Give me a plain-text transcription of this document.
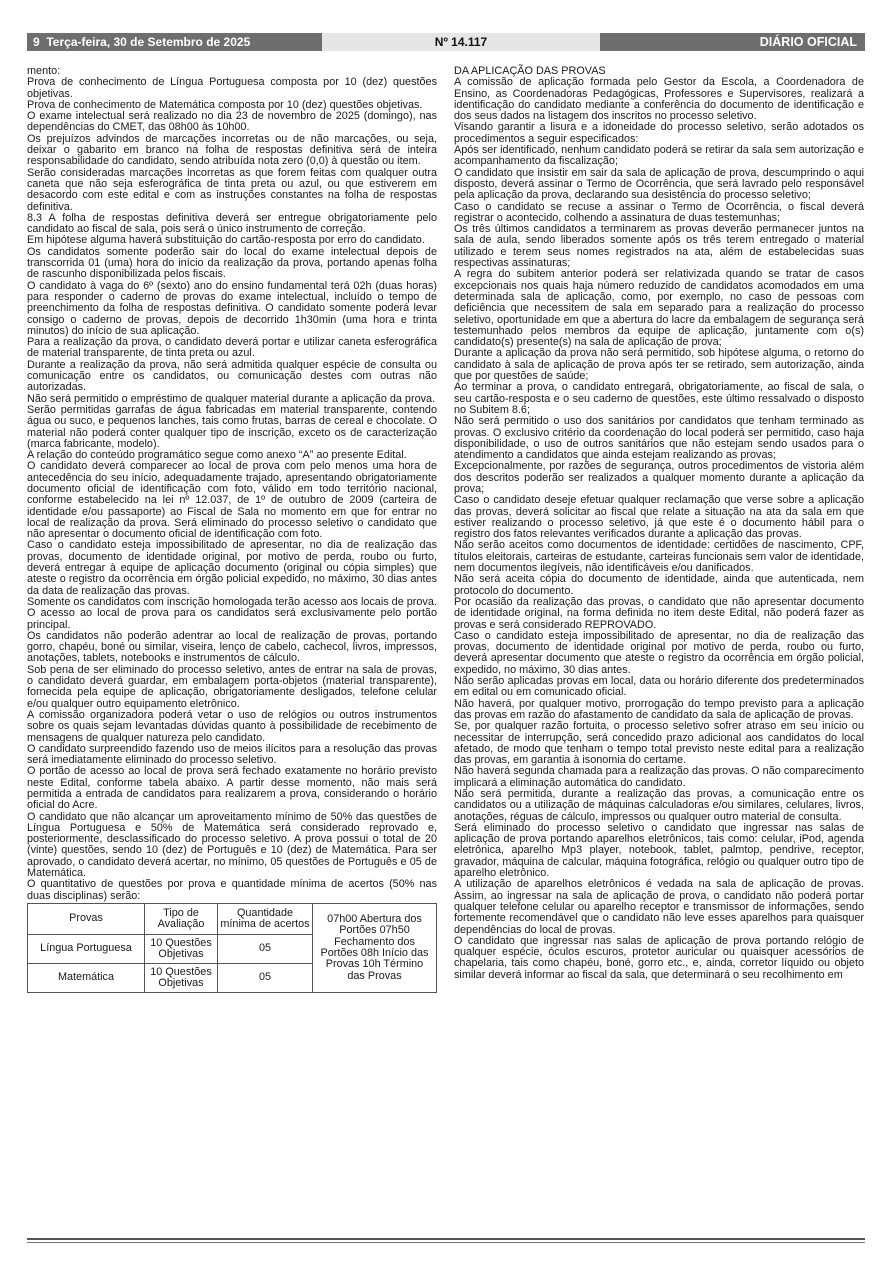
9 Terça-feira, 30 de Setembro de 2025	Nº 14.117	DIÁRIO OFICIAL

mento:

Prova de conhecimento de Língua Portuguesa composta por 10 (dez) questões objetivas.

Prova de conhecimento de Matemática composta por 10 (dez) questões objetivas.

O exame intelectual será realizado no dia 23 de novembro de 2025 (domingo), nas dependências do CMET, das 08h00 às 10h00.

Os prejuízos advindos de marcações incorretas ou de não marcações, ou seja, deixar o gabarito em branco na folha de respostas definitiva será de inteira responsabilidade do candidato, sendo atribuída nota zero (0,0) à questão ou item.

Serão consideradas marcações incorretas as que forem feitas com qualquer outra caneta que não seja esferográfica de tinta preta ou azul, ou que estiverem em desacordo com este edital e com as instruções constantes na folha de respostas definitiva.

8.3 A folha de respostas definitiva deverá ser entregue obrigatoriamente pelo candidato ao fiscal de sala, pois será o único instrumento de correção.

Em hipótese alguma haverá substituição do cartão-resposta por erro do candidato.

Os candidatos somente poderão sair do local do exame intelectual depois de transcorrida 01 (uma) hora do início da realização da prova, portando apenas folha de rascunho disponibilizada pelos fiscais.

O candidato à vaga do 6º (sexto) ano do ensino fundamental terá 02h (duas horas) para responder o caderno de provas do exame intelectual, incluído o tempo de preenchimento da folha de respostas definitiva. O candidato somente poderá levar consigo o caderno de provas, depois de decorrido 1h30min (uma hora e trinta minutos) do início de sua aplicação.

Para a realização da prova, o candidato deverá portar e utilizar caneta esferográfica de material transparente, de tinta preta ou azul.

Durante a realização da prova, não será admitida qualquer espécie de consulta ou comunicação entre os candidatos, ou comunicação destes com outras não autorizadas.

Não será permitido o empréstimo de qualquer material durante a aplicação da prova.

Serão permitidas garrafas de água fabricadas em material transparente, contendo água ou suco, e pequenos lanches, tais como frutas, barras de cereal e chocolate. O material não poderá conter qualquer tipo de inscrição, exceto os de caracterização (marca fabricante, modelo).

A relação do conteúdo programático segue como anexo “A” ao presente Edital.

O candidato deverá comparecer ao local de prova com pelo menos uma hora de antecedência do seu início, adequadamente trajado, apresentando obrigatoriamente documento oficial de identificação com foto, válido em todo território nacional, conforme estabelecido na lei nº 12.037, de 1º de outubro de 2009 (carteira de identidade e/ou passaporte) ao Fiscal de Sala no momento em que for entrar no local de realização da prova. Será eliminado do processo seletivo o candidato que não apresentar o documento oficial de identificação com foto.

Caso o candidato esteja impossibilitado de apresentar, no dia de realização das provas, documento de identidade original, por motivo de perda, roubo ou furto, deverá entregar à equipe de aplicação documento (original ou cópia simples) que ateste o registro da ocorrência em órgão policial expedido, no máximo, 30 dias antes da data de realização das provas.

Somente os candidatos com inscrição homologada terão acesso aos locais de prova.

O acesso ao local de prova para os candidatos será exclusivamente pelo portão principal.

Os candidatos não poderão adentrar ao local de realização de provas, portando gorro, chapéu, boné ou similar, viseira, lenço de cabelo, cachecol, livros, impressos, anotações, tablets, notebooks e instrumentos de cálculo.

Sob pena de ser eliminado do processo seletivo, antes de entrar na sala de provas, o candidato deverá guardar, em embalagem porta-objetos (material transparente), fornecida pela equipe de aplicação, obrigatoriamente desligados, telefone celular e/ou qualquer outro equipamento eletrônico.

A comissão organizadora poderá vetar o uso de relógios ou outros instrumentos sobre os quais sejam levantadas dúvidas quanto à possibilidade de recebimento de mensagens de qualquer natureza pelo candidato.

O candidato surpreendido fazendo uso de meios ilícitos para a resolução das provas será imediatamente eliminado do processo seletivo.

O portão de acesso ao local de prova será fechado exatamente no horário previsto neste Edital, conforme tabela abaixo. A partir desse momento, não mais será permitida a entrada de candidatos para realizarem a prova, considerando o horário oficial do Acre.

O candidato que não alcançar um aproveitamento mínimo de 50% das questões de Língua Portuguesa e 50% de Matemática será considerado reprovado e, posteriormente, desclassificado do processo seletivo. A prova possui o total de 20 (vinte) questões, sendo 10 (dez) de Português e 10 (dez) de Matemática. Para ser aprovado, o candidato deverá acertar, no mínimo, 05 questões de Português e 05 de Matemática.

O quantitativo de questões por prova e quantidade mínima de acertos (50% nas duas disciplinas) serão:

Provas	Tipo de Avaliação	Quantidade mínima de acertos	07h00 Abertura dos Portões 07h50 Fechamento dos Portões 08h Início das Provas 10h Término das Provas
Língua Portuguesa	10 Questões Objetivas	05	
Matemática	10 Questões Objetivas	05	

DA APLICAÇÃO DAS PROVAS

A comissão de aplicação formada pelo Gestor da Escola, a Coordenadora de Ensino, as Coordenadoras Pedagógicas, Professores e Supervisores, realizará a identificação do candidato mediante a conferência do documento de identificação e dos seus dados na listagem dos inscritos no processo seletivo.

Visando garantir a lisura e a idoneidade do processo seletivo, serão adotados os procedimentos a seguir especificados:

Após ser identificado, nenhum candidato poderá se retirar da sala sem autorização e acompanhamento da fiscalização;

O candidato que insistir em sair da sala de aplicação de prova, descumprindo o aqui disposto, deverá assinar o Termo de Ocorrência, que será lavrado pelo responsável pela aplicação da prova, declarando sua desistência do processo seletivo;

Caso o candidato se recuse a assinar o Termo de Ocorrência, o fiscal deverá registrar o acontecido, colhendo a assinatura de duas testemunhas;

Os três últimos candidatos a terminarem as provas deverão permanecer juntos na sala de aula, sendo liberados somente após os três terem entregado o material utilizado e terem seus nomes registrados na ata, além de estabelecidas suas respectivas assinaturas;

A regra do subitem anterior poderá ser relativizada quando se tratar de casos excepcionais nos quais haja número reduzido de candidatos acomodados em uma determinada sala de aplicação, como, por exemplo, no caso de pessoas com deficiência que necessitem de sala em separado para a realização do processo seletivo, oportunidade em que a abertura do lacre da embalagem de segurança será testemunhado pelos membros da equipe de aplicação, juntamente com o(s) candidato(s) presente(s) na sala de aplicação de prova;

Durante a aplicação da prova não será permitido, sob hipótese alguma, o retorno do candidato à sala de aplicação de prova após ter se retirado, sem autorização, ainda que por questões de saúde;

Ao terminar a prova, o candidato entregará, obrigatoriamente, ao fiscal de sala, o seu cartão-resposta e o seu caderno de questões, este último ressalvado o disposto no Subitem 8.6;

Não será permitido o uso dos sanitários por candidatos que tenham terminado as provas. O exclusivo critério da coordenação do local poderá ser permitido, caso haja disponibilidade, o uso de outros sanitários que não estejam sendo usados para o atendimento a candidatos que ainda estejam realizando as provas;

Excepcionalmente, por razões de segurança, outros procedimentos de vistoria além dos descritos poderão ser realizados a qualquer momento durante a aplicação da prova;

Caso o candidato deseje efetuar qualquer reclamação que verse sobre a aplicação das provas, deverá solicitar ao fiscal que relate a situação na ata da sala em que estiver realizando o processo seletivo, já que este é o documento hábil para o registro dos fatos relevantes verificados durante a aplicação das provas.

Não serão aceitos como documentos de identidade: certidões de nascimento, CPF, títulos eleitorais, carteiras de estudante, carteiras funcionais sem valor de identidade, nem documentos ilegíveis, não identificáveis e/ou danificados.

Não será aceita cópia do documento de identidade, ainda que autenticada, nem protocolo do documento.

Por ocasião da realização das provas, o candidato que não apresentar documento de identidade original, na forma definida no item deste Edital, não poderá fazer as provas e será considerado REPROVADO.

Caso o candidato esteja impossibilitado de apresentar, no dia de realização das provas, documento de identidade original por motivo de perda, roubo ou furto, deverá apresentar documento que ateste o registro da ocorrência em órgão policial, expedido, no máximo, 30 dias antes.

Não serão aplicadas provas em local, data ou horário diferente dos predeterminados em edital ou em comunicado oficial.

Não haverá, por qualquer motivo, prorrogação do tempo previsto para a aplicação das provas em razão do afastamento de candidato da sala de aplicação de provas.

Se, por qualquer razão fortuita, o processo seletivo sofrer atraso em seu início ou necessitar de interrupção, será concedido prazo adicional aos candidatos do local afetado, de modo que tenham o tempo total previsto neste edital para a realização das provas, em garantia à isonomia do certame.

Não haverá segunda chamada para a realização das provas. O não comparecimento implicará a eliminação automática do candidato.

Não será permitida, durante a realização das provas, a comunicação entre os candidatos ou a utilização de máquinas calculadoras e/ou similares, celulares, livros, anotações, réguas de cálculo, impressos ou qualquer outro material de consulta.

Será eliminado do processo seletivo o candidato que ingressar nas salas de aplicação de prova portando aparelhos eletrônicos, tais como: celular, iPod, agenda eletrônica, aparelho Mp3 player, notebook, tablet, palmtop, pendrive, receptor, gravador, máquina de calcular, máquina fotográfica, relógio ou qualquer outro tipo de aparelho eletrônico.

A utilização de aparelhos eletrônicos é vedada na sala de aplicação de provas. Assim, ao ingressar na sala de aplicação de prova, o candidato não poderá portar qualquer telefone celular ou aparelho receptor e transmissor de informações, sendo fortemente recomendável que o candidato não leve esses aparelhos para quaisquer dependências do local de provas.

O candidato que ingressar nas salas de aplicação de prova portando relógio de qualquer espécie, óculos escuros, protetor auricular ou quaisquer acessórios de chapelaria, tais como chapéu, boné, gorro etc., e, ainda, corretor líquido ou objeto similar deverá informar ao fiscal da sala, que determinará o seu recolhimento em
